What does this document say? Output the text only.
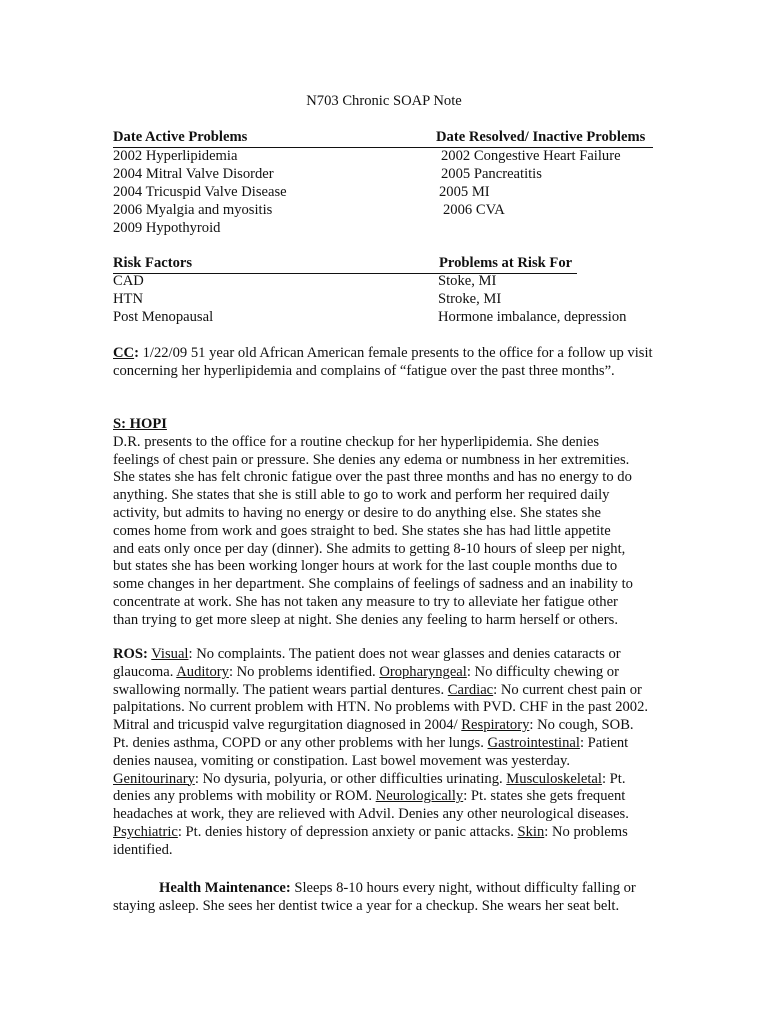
N703 Chronic SOAP Note
Date Active Problems	Date Resolved/ Inactive Problems
2002 Hyperlipidemia	2002 Congestive Heart Failure
2004 Mitral Valve Disorder	2005 Pancreatitis
2004 Tricuspid Valve Disease	2005 MI
2006 Myalgia and myositis	2006 CVA
2009 Hypothyroid
Risk Factors	Problems at Risk For
CAD	Stoke, MI
HTN	Stroke, MI
Post Menopausal	Hormone imbalance, depression
CC: 1/22/09 51 year old African American female presents to the office for a follow up visit concerning her hyperlipidemia and complains of “fatigue over the past three months”.
S: HOPI
D.R. presents to the office for a routine checkup for her hyperlipidemia. She denies
feelings of chest pain or pressure. She denies any edema or numbness in her extremities.
She states she has felt chronic fatigue over the past three months and has no energy to do
anything. She states that she is still able to go to work and perform her required daily
activity, but admits to having no energy or desire to do anything else. She states she
comes home from work and goes straight to bed. She states she has had little appetite
and eats only once per day (dinner). She admits to getting 8-10 hours of sleep per night,
but states she has been working longer hours at work for the last couple months due to
some changes in her department. She complains of feelings of sadness and an inability to
concentrate at work. She has not taken any measure to try to alleviate her fatigue other
than trying to get more sleep at night. She denies any feeling to harm herself or others.
ROS: Visual: No complaints. The patient does not wear glasses and denies cataracts or glaucoma. Auditory: No problems identified. Oropharyngeal: No difficulty chewing or swallowing normally. The patient wears partial dentures. Cardiac: No current chest pain or palpitations. No current problem with HTN. No problems with PVD. CHF in the past 2002. Mitral and tricuspid valve regurgitation diagnosed in 2004/ Respiratory: No cough, SOB. Pt. denies asthma, COPD or any other problems with her lungs. Gastrointestinal: Patient denies nausea, vomiting or constipation. Last bowel movement was yesterday. Genitourinary: No dysuria, polyuria, or other difficulties urinating. Musculoskeletal: Pt. denies any problems with mobility or ROM. Neurologically: Pt. states she gets frequent headaches at work, they are relieved with Advil. Denies any other neurological diseases. Psychiatric: Pt. denies history of depression anxiety or panic attacks. Skin: No problems identified.
Health Maintenance: Sleeps 8-10 hours every night, without difficulty falling or staying asleep. She sees her dentist twice a year for a checkup. She wears her seat belt.
